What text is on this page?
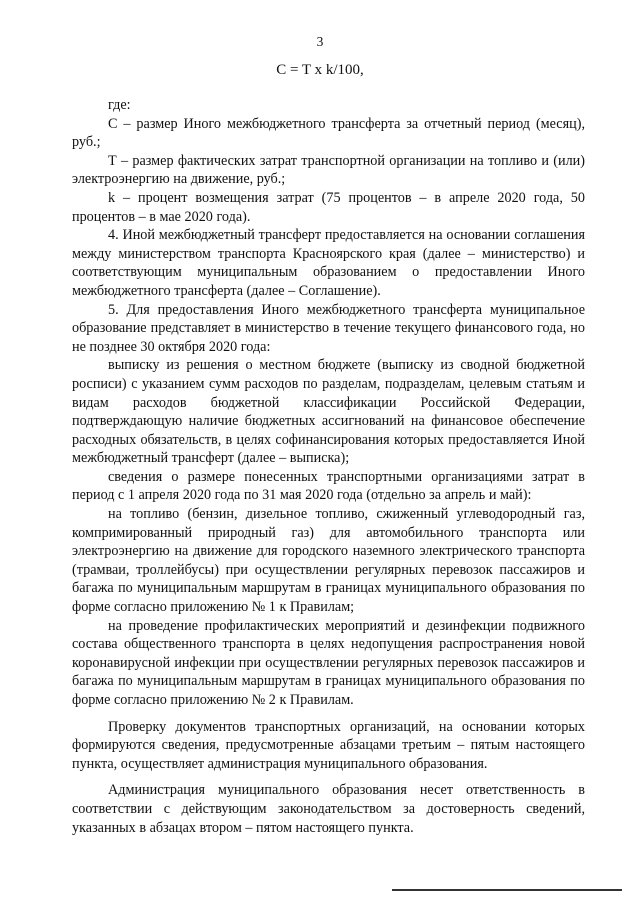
3
C = T x k/100,

где:

С – размер Иного межбюджетного трансферта за отчетный период (месяц), руб.;

Т – размер фактических затрат транспортной организации на топливо и (или) электроэнергию на движение, руб.;

k – процент возмещения затрат (75 процентов – в апреле 2020 года, 50 процентов – в мае 2020 года).

4. Иной межбюджетный трансферт предоставляется на основании соглашения между министерством транспорта Красноярского края (далее – министерство) и соответствующим муниципальным образованием о предоставлении Иного межбюджетного трансферта (далее – Соглашение).

5. Для предоставления Иного межбюджетного трансферта муниципальное образование представляет в министерство в течение текущего финансового года, но не позднее 30 октября 2020 года:

выписку из решения о местном бюджете (выписку из сводной бюджетной росписи) с указанием сумм расходов по разделам, подразделам, целевым статьям и видам расходов бюджетной классификации Российской Федерации, подтверждающую наличие бюджетных ассигнований на финансовое обеспечение расходных обязательств, в целях софинансирования которых предоставляется Иной межбюджетный трансферт (далее – выписка);

сведения о размере понесенных транспортными организациями затрат в период с 1 апреля 2020 года по 31 мая 2020 года (отдельно за апрель и май):

на топливо (бензин, дизельное топливо, сжиженный углеводородный газ, компримированный природный газ) для автомобильного транспорта или электроэнергию на движение для городского наземного электрического транспорта (трамваи, троллейбусы) при осуществлении регулярных перевозок пассажиров и багажа по муниципальным маршрутам в границах муниципального образования по форме согласно приложению № 1 к Правилам;

на проведение профилактических мероприятий и дезинфекции подвижного состава общественного транспорта в целях недопущения распространения новой коронавирусной инфекции при осуществлении регулярных перевозок пассажиров и багажа по муниципальным маршрутам в границах муниципального образования по форме согласно приложению № 2 к Правилам.

Проверку документов транспортных организаций, на основании которых формируются сведения, предусмотренные абзацами третьим – пятым настоящего пункта, осуществляет администрация муниципального образования.

Администрация муниципального образования несет ответственность в соответствии с действующим законодательством за достоверность сведений, указанных в абзацах втором – пятом настоящего пункта.
